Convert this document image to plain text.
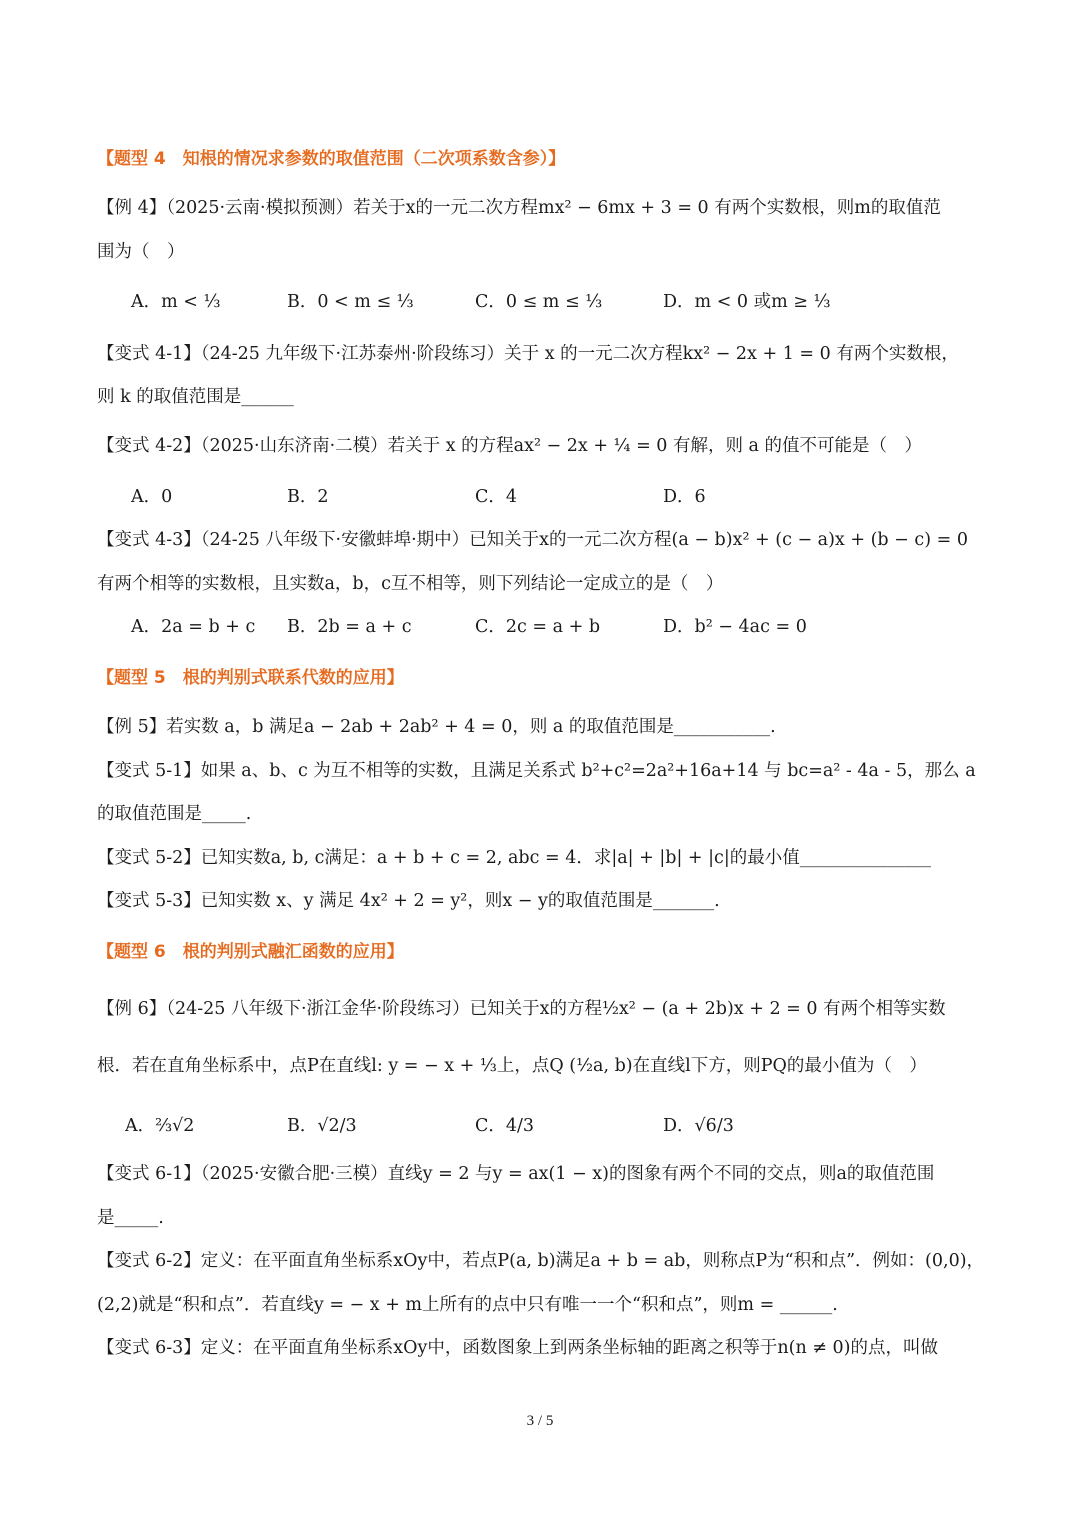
【题型 4　知根的情况求参数的取值范围（二次项系数含参）】
【例 4】（2025·云南·模拟预测）若关于x的一元二次方程mx² − 6mx + 3 = 0 有两个实数根，则m的取值范
围为（　）
A．m < ⅓	B．0 < m ≤ ⅓	C．0 ≤ m ≤ ⅓	D．m < 0 或m ≥ ⅓
【变式 4-1】（24-25 九年级下·江苏泰州·阶段练习）关于 x 的一元二次方程kx² − 2x + 1 = 0 有两个实数根，
则 k 的取值范围是______
【变式 4-2】（2025·山东济南·二模）若关于 x 的方程ax² − 2x + ¼ = 0 有解，则 a 的值不可能是（　）
A．0	B．2	C．4	D．6
【变式 4-3】（24-25 八年级下·安徽蚌埠·期中）已知关于x的一元二次方程(a − b)x² + (c − a)x + (b − c) = 0
有两个相等的实数根，且实数a，b，c互不相等，则下列结论一定成立的是（　）
A．2a = b + c B．2b = a + c	C．2c = a + b	D．b² − 4ac = 0
【题型 5　根的判别式联系代数的应用】
【例 5】若实数 a，b 满足a − 2ab + 2ab² + 4 = 0，则 a 的取值范围是___________.
【变式 5-1】如果 a、b、c 为互不相等的实数，且满足关系式 b²+c²=2a²+16a+14 与 bc=a² - 4a - 5，那么 a
的取值范围是_____.
【变式 5-2】已知实数a, b, c满足：a + b + c = 2, abc = 4．求|a| + |b| + |c|的最小值_______________
【变式 5-3】已知实数 x、y 满足 4x² + 2 = y²，则x − y的取值范围是_______.
【题型 6　根的判别式融汇函数的应用】
【例 6】（24-25 八年级下·浙江金华·阶段练习）已知关于x的方程½x² − (a + 2b)x + 2 = 0 有两个相等实数
根．若在直角坐标系中，点P在直线l: y = − x + ⅓上，点Q (½a, b)在直线l下方，则PQ的最小值为（　）
A．⅔√2	B．√2/3	C．4/3	D．√6/3
【变式 6-1】（2025·安徽合肥·三模）直线y = 2 与y = ax(1 − x)的图象有两个不同的交点，则a的取值范围
是_____.
【变式 6-2】定义：在平面直角坐标系xOy中，若点P(a, b)满足a + b = ab，则称点P为“积和点”．例如：(0,0)，
(2,2)就是“积和点”．若直线y = − x + m上所有的点中只有唯一一个“积和点”，则m = ______.
【变式 6-3】定义：在平面直角坐标系xOy中，函数图象上到两条坐标轴的距离之积等于n(n ≠ 0)的点，叫做
3 / 5
